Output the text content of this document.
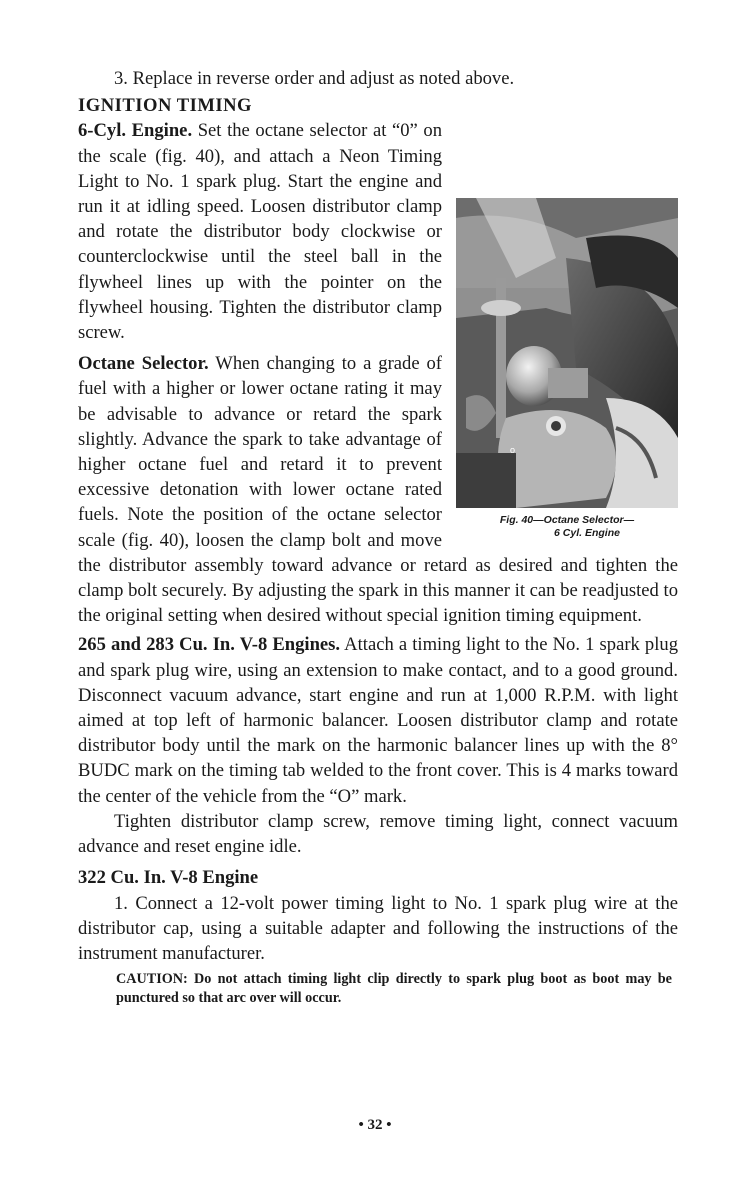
3. Replace in reverse order and adjust as noted above.

IGNITION TIMING

o
Fig. 40—Octane Selector—
6 Cyl. Engine

6-Cyl. Engine. Set the octane selector at “0” on the scale (fig. 40), and attach a Neon Timing Light to No. 1 spark plug. Start the engine and run it at idling speed. Loosen distributor clamp and rotate the distributor body clockwise or counterclockwise until the steel ball in the flywheel lines up with the pointer on the flywheel housing. Tighten the distributor clamp screw.

Octane Selector. When changing to a grade of fuel with a higher or lower octane rating it may be advisable to advance or retard the spark slightly. Advance the spark to take advantage of higher octane fuel and retard it to prevent excessive detonation with lower octane rated fuels. Note the position of the octane selector scale (fig. 40), loosen the clamp bolt and move the distributor assembly toward advance or retard as desired and tighten the clamp bolt securely. By adjusting the spark in this manner it can be readjusted to the original setting when desired without special ignition timing equipment.

265 and 283 Cu. In. V-8 Engines. Attach a timing light to the No. 1 spark plug and spark plug wire, using an extension to make contact, and to a good ground. Disconnect vacuum advance, start engine and run at 1,000 R.P.M. with light aimed at top left of harmonic balancer. Loosen distributor clamp and rotate distributor body until the mark on the harmonic balancer lines up with the 8° BUDC mark on the timing tab welded to the front cover. This is 4 marks toward the center of the vehicle from the “O” mark.

Tighten distributor clamp screw, remove timing light, connect vacuum advance and reset engine idle.

322 Cu. In. V-8 Engine

1. Connect a 12-volt power timing light to No. 1 spark plug wire at the distributor cap, using a suitable adapter and following the instructions of the instrument manufacturer.

CAUTION: Do not attach timing light clip directly to spark plug boot as boot may be punctured so that arc over will occur.

• 32 •
